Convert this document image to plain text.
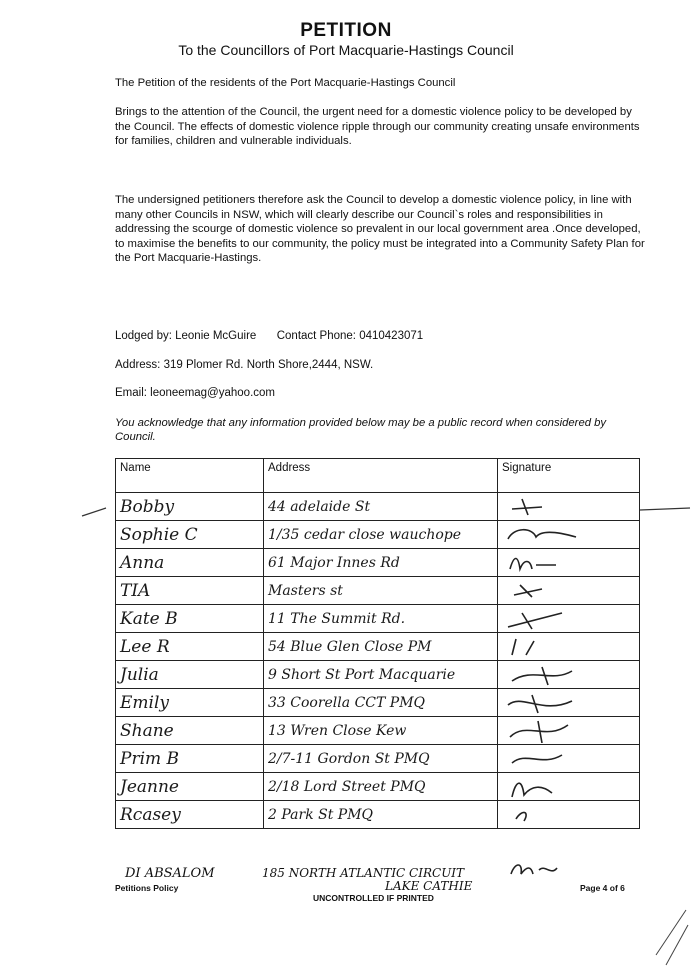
PETITION
To the Councillors of Port Macquarie-Hastings Council
The Petition of the residents of the Port Macquarie-Hastings Council
Brings to the attention of the Council, the urgent need for a domestic violence policy to be developed by the Council. The effects of domestic violence ripple through our community creating unsafe environments for families, children and vulnerable individuals.
The undersigned petitioners therefore ask the Council to develop a domestic violence policy, in line with many other Councils in NSW, which will clearly describe our Council`s roles and responsibilities in addressing the scourge of domestic violence so prevalent in our local government area .Once developed, to maximise the benefits to our community, the policy must be integrated into a Community Safety Plan for the Port Macquarie-Hastings.
Lodged by: Leonie McGuire Contact Phone: 0410423071
Address: 319 Plomer Rd. North Shore,2444, NSW.
Email: leoneemag@yahoo.com
You acknowledge that any information provided below may be a public record when considered by Council.
Name	Address	Signature
Bobby	44 adelaide St	

Sophie C	1/35 cedar close wauchope	

Anna	61 Major Innes Rd	

TIA	Masters st	

Kate B	11 The Summit Rd.	

Lee R	54 Blue Glen Close PM	

Julia	9 Short St Port Macquarie	

Emily	33 Coorella CCT PMQ	

Shane	13 Wren Close Kew	

Prim B	2/7-11 Gordon St PMQ	

Jeanne	2/18 Lord Street PMQ	

Rcasey	2 Park St PMQ	
DI ABSALOM	185 NORTH ATLANTIC CIRCUIT
LAKE CATHIE
Petitions Policy
UNCONTROLLED IF PRINTED
Page 4 of 6
